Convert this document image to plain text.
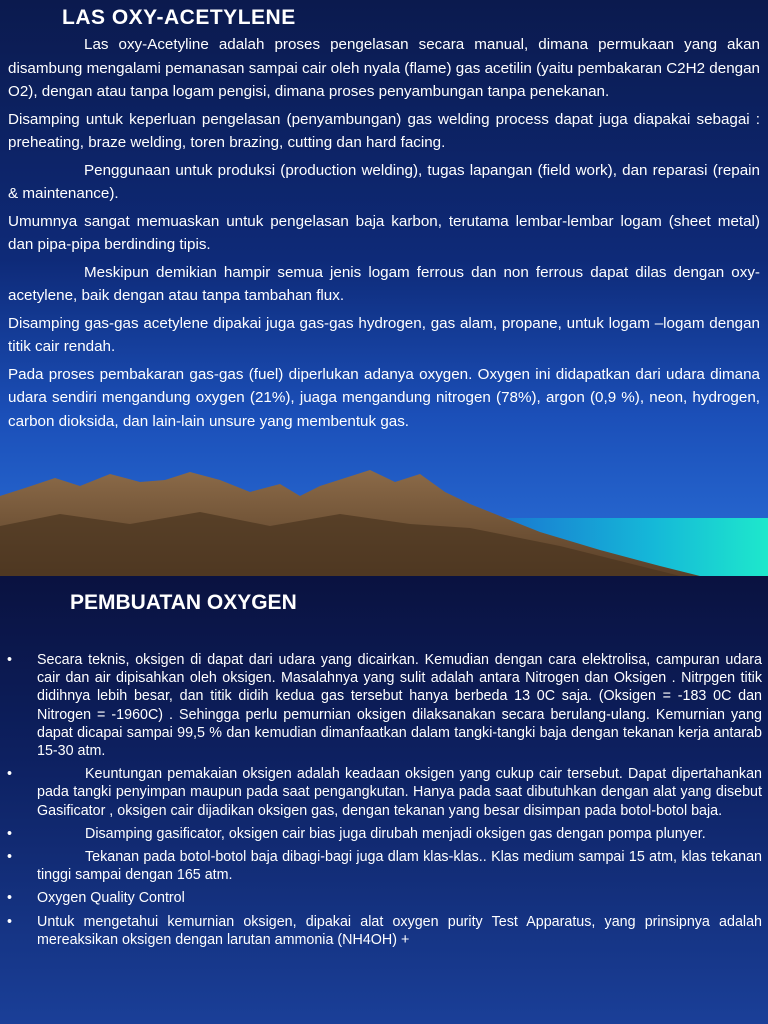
LAS OXY-ACETYLENE

Las oxy-Acetyline adalah proses pengelasan secara manual, dimana permukaan yang akan disambung mengalami pemanasan sampai cair oleh nyala (flame) gas acetilin (yaitu pembakaran C2H2 dengan O2), dengan atau tanpa logam pengisi, dimana proses penyambungan tanpa penekanan.

Disamping untuk keperluan pengelasan (penyambungan) gas welding process dapat juga diapakai sebagai : preheating, braze welding, toren brazing, cutting dan hard facing.

Penggunaan untuk produksi (production welding), tugas lapangan (field work), dan reparasi (repain & maintenance).

Umumnya sangat memuaskan untuk pengelasan baja karbon, terutama lembar-lembar logam (sheet metal) dan pipa-pipa berdinding tipis.

Meskipun demikian hampir semua jenis logam ferrous dan non ferrous dapat dilas dengan oxy-acetylene, baik dengan atau tanpa tambahan flux.

Disamping gas-gas acetylene dipakai juga gas-gas hydrogen, gas alam, propane, untuk logam –logam dengan titik cair rendah.

Pada proses pembakaran gas-gas (fuel) diperlukan adanya oxygen. Oxygen ini didapatkan dari udara dimana udara sendiri mengandung oxygen (21%), juaga mengandung nitrogen (78%), argon (0,9 %), neon, hydrogen, carbon dioksida, dan lain-lain unsure yang membentuk gas.

PEMBUATAN OXYGEN
• Secara teknis, oksigen di dapat dari udara yang dicairkan. Kemudian dengan cara elektrolisa, campuran udara cair dan air dipisahkan oleh oksigen. Masalahnya yang sulit adalah antara Nitrogen dan Oksigen . Nitrpgen titik didihnya lebih besar, dan titik didih kedua gas tersebut hanya berbeda 13 0C saja. (Oksigen = -183 0C dan Nitrogen = -1960C) . Sehingga perlu pemurnian oksigen dilaksanakan secara berulang-ulang. Kemurnian yang dapat dicapai sampai 99,5 % dan kemudian dimanfaatkan dalam tangki-tangki baja dengan tekanan kerja antarab 15-30 atm.
•	Keuntungan pemakaian oksigen adalah keadaan oksigen yang cukup cair tersebut. Dapat dipertahankan pada tangki penyimpan maupun pada saat pengangkutan. Hanya pada saat dibutuhkan dengan alat yang disebut Gasificator , oksigen cair dijadikan oksigen gas, dengan tekanan yang besar disimpan pada botol-botol baja.
•	Disamping gasificator, oksigen cair bias juga dirubah menjadi oksigen gas dengan pompa plunyer.
•	Tekanan pada botol-botol baja dibagi-bagi juga dlam klas-klas.. Klas medium sampai 15 atm, klas tekanan tinggi sampai dengan 165 atm.
• Oxygen Quality Control
• Untuk mengetahui kemurnian oksigen, dipakai alat oxygen purity Test Apparatus, yang prinsipnya adalah mereaksikan oksigen dengan larutan ammonia (NH4OH) +
